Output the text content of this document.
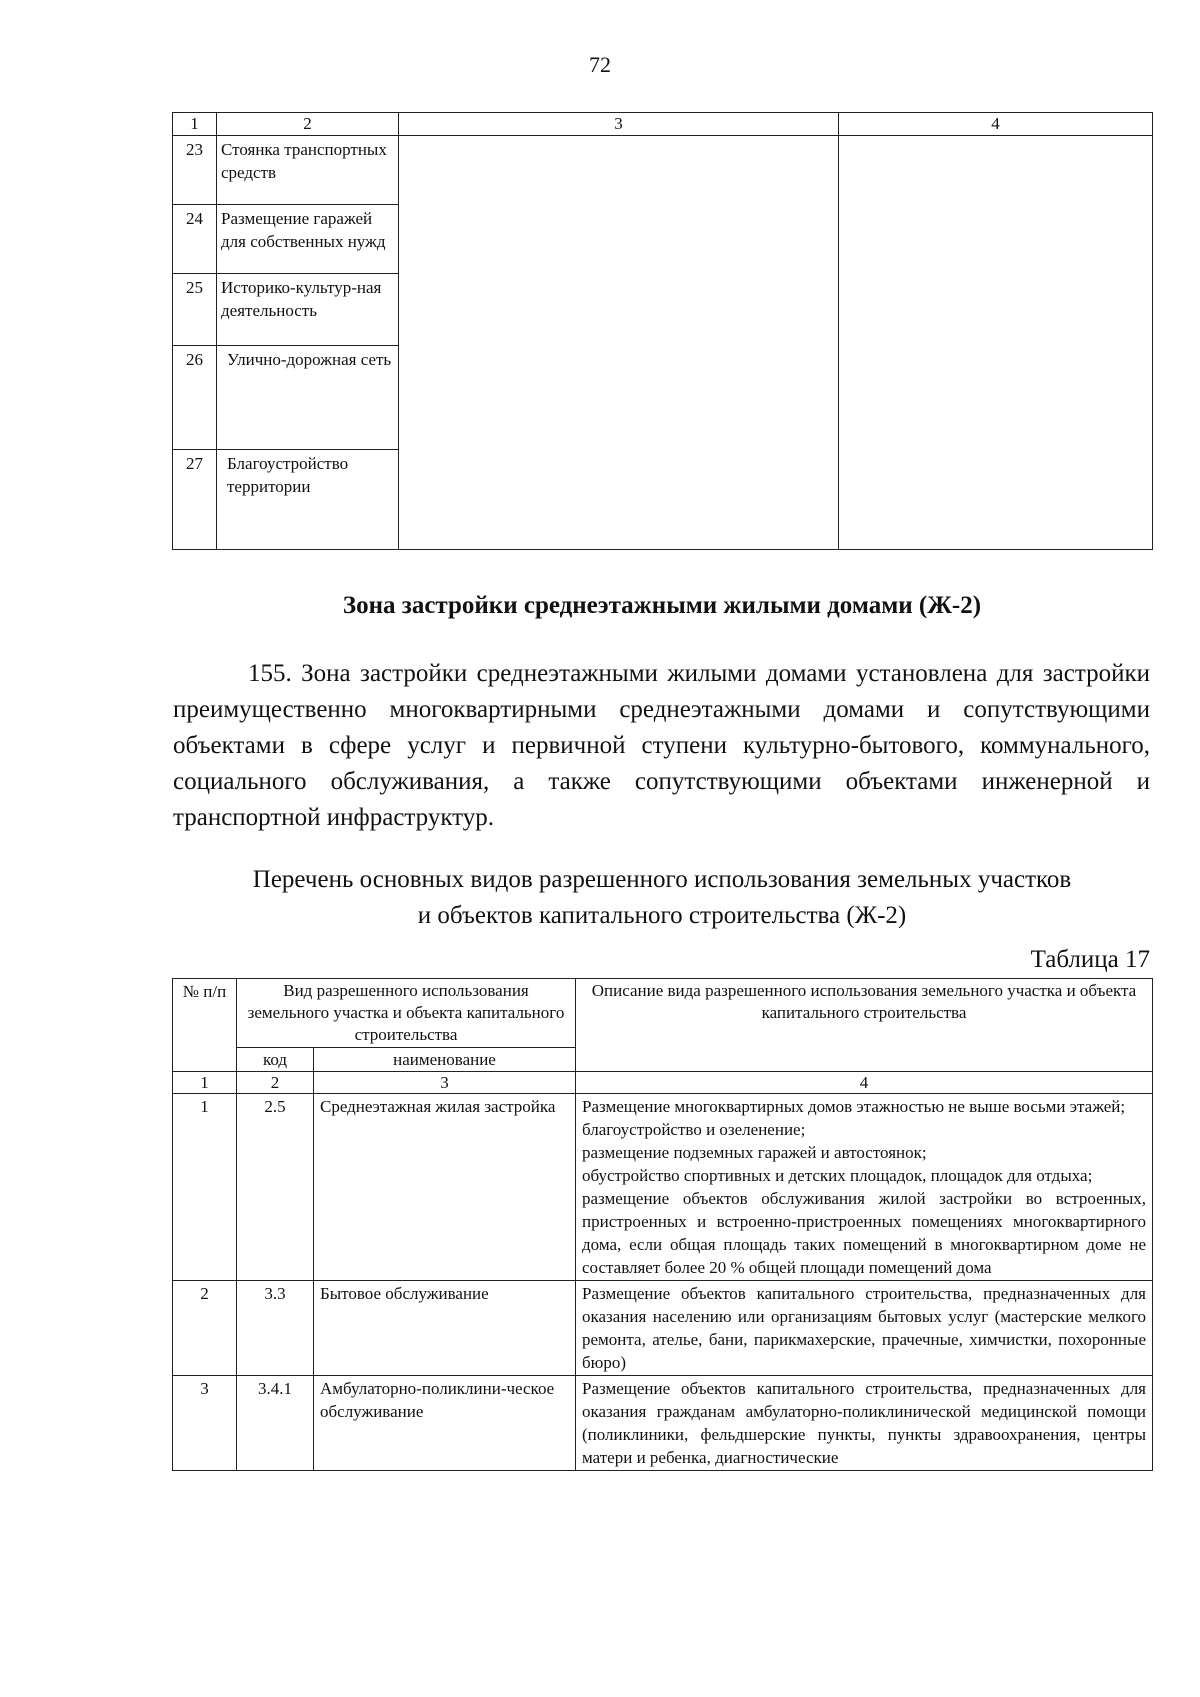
72
1	2	3	4
23	Стоянка транспортных средств		
24	Размещение гаражей для собственных нужд		
25	Историко-культур-ная деятельность		
26	Улично-дорожная сеть		
27	Благоустройство территории		
Зона застройки среднеэтажными жилыми домами (Ж-2)
155. Зона застройки среднеэтажными жилыми домами установлена для застройки преимущественно многоквартирными среднеэтажными домами и сопутствующими объектами в сфере услуг и первичной ступени культурно-бытового, коммунального, социального обслуживания, а также сопутствующими объектами инженерной и транспортной инфраструктур.
Перечень основных видов разрешенного использования земельных участков
и объектов капитального строительства (Ж-2)
Таблица 17
№ п/п	Вид разрешенного использования земельного участка и объекта капитального строительства		Описание вида разрешенного использования земельного участка и объекта капитального строительства
	код	наименование	
1	2	3	4
1	2.5	Среднеэтажная жилая застройка	Размещение многоквартирных домов этажностью не выше восьми этажей;
благоустройство и озеленение;
размещение подземных гаражей и автостоянок;
обустройство спортивных и детских площадок, площадок для отдыха;
размещение объектов обслуживания жилой застройки во встроенных, пристроенных и встроенно-пристроенных помещениях многоквартирного дома, если общая площадь таких помещений в многоквартирном доме не составляет более 20 % общей площади помещений дома

2	3.3	Бытовое обслуживание	Размещение объектов капитального строительства, предназначенных для оказания населению или организациям бытовых услуг (мастерские мелкого ремонта, ателье, бани, парикмахерские, прачечные, химчистки, похоронные бюро)

3	3.4.1	Амбулаторно-поликлини-ческое обслуживание	Размещение объектов капитального строительства, предназначенных для оказания гражданам амбулаторно-поликлинической медицинской помощи (поликлиники, фельдшерские пункты, пункты здравоохранения, центры матери и ребенка, диагностические
